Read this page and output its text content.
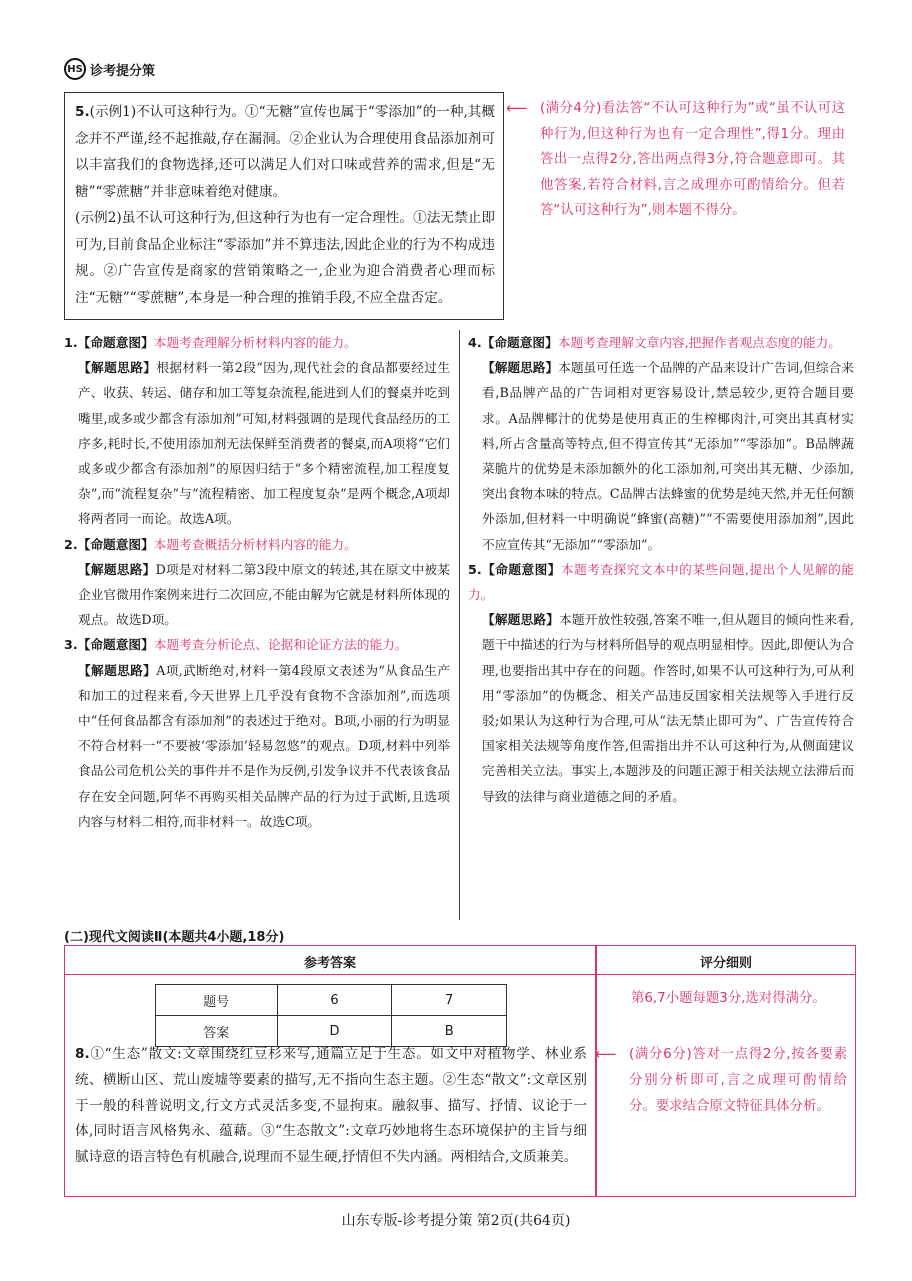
HS 诊考提分策

5.(示例1)不认可这种行为。①“无糖”宣传也属于“零添加”的一种,其概念并不严谨,经不起推敲,存在漏洞。②企业认为合理使用食品添加剂可以丰富我们的食物选择,还可以满足人们对口味或营养的需求,但是“无糖”“零蔗糖”并非意味着绝对健康。

(示例2)虽不认可这种行为,但这种行为也有一定合理性。①法无禁止即可为,目前食品企业标注“零添加”并不算违法,因此企业的行为不构成违规。②广告宣传是商家的营销策略之一,企业为迎合消费者心理而标注“无糖”“零蔗糖”,本身是一种合理的推销手段,不应全盘否定。

⟵ (满分4分)看法答“不认可这种行为”或“虽不认可这种行为,但这种行为也有一定合理性”,得1分。理由答出一点得2分,答出两点得3分,符合题意即可。其他答案,若符合材料,言之成理亦可酌情给分。但若答“认可这种行为”,则本题不得分。
1.【命题意图】本题考查理解分析材料内容的能力。
【解题思路】根据材料一第2段“因为,现代社会的食品都要经过生产、收获、转运、储存和加工等复杂流程,能进到人们的餐桌并吃到嘴里,或多或少都含有添加剂”可知,材料强调的是现代食品经历的工序多,耗时长,不使用添加剂无法保鲜至消费者的餐桌,而A项将“它们或多或少都含有添加剂”的原因归结于“多个精密流程,加工程度复杂”,而“流程复杂”与“流程精密、加工程度复杂”是两个概念,A项却将两者同一而论。故选A项。
2.【命题意图】本题考查概括分析材料内容的能力。
【解题思路】D项是对材料二第3段中原文的转述,其在原文中被某企业官微用作案例来进行二次回应,不能由解为它就是材料所体现的观点。故选D项。
3.【命题意图】本题考查分析论点、论据和论证方法的能力。
【解题思路】A项,武断绝对,材料一第4段原文表述为“从食品生产和加工的过程来看,今天世界上几乎没有食物不含添加剂”,而选项中“任何食品都含有添加剂”的表述过于绝对。B项,小丽的行为明显不符合材料一“不要被‘零添加’轻易忽悠”的观点。D项,材料中列举食品公司危机公关的事件并不是作为反例,引发争议并不代表该食品存在安全问题,阿华不再购买相关品牌产品的行为过于武断,且选项内容与材料二相符,而非材料一。故选C项。
4.【命题意图】本题考查理解文章内容,把握作者观点态度的能力。
【解题思路】本题虽可任选一个品牌的产品来设计广告词,但综合来看,B品牌产品的广告词相对更容易设计,禁忌较少,更符合题目要求。A品牌椰汁的优势是使用真正的生榨椰肉汁,可突出其真材实料,所占含量高等特点,但不得宣传其“无添加”“零添加”。B品牌蔬菜脆片的优势是未添加额外的化工添加剂,可突出其无糖、少添加,突出食物本味的特点。C品牌古法蜂蜜的优势是纯天然,并无任何额外添加,但材料一中明确说“蜂蜜(高糖)”“不需要使用添加剂”,因此不应宣传其“无添加”“零添加”。
5.【命题意图】本题考查探究文本中的某些问题,提出个人见解的能力。
【解题思路】本题开放性较强,答案不唯一,但从题目的倾向性来看,题干中描述的行为与材料所倡导的观点明显相悖。因此,即便认为合理,也要指出其中存在的问题。作答时,如果不认可这种行为,可从利用“零添加”的伪概念、相关产品违反国家相关法规等入手进行反驳;如果认为这种行为合理,可从“法无禁止即可为”、广告宣传符合国家相关法规等角度作答,但需指出并不认可这种行为,从侧面建议完善相关立法。事实上,本题涉及的问题正源于相关法规立法滞后而导致的法律与商业道德之间的矛盾。
(二)现代文阅读Ⅱ(本题共4小题,18分)
参考答案	评分细则
题号	6	7
答案	D	B
第6,7小题每题3分,选对得满分。

8.①“生态”散文:文章围绕红豆杉来写,通篇立足于生态。如文中对植物学、林业系统、横断山区、荒山废墟等要素的描写,无不指向生态主题。②生态“散文”:文章区别于一般的科普说明文,行文方式灵活多变,不显拘束。融叙事、描写、抒情、议论于一体,同时语言风格隽永、蕴藉。③“生态散文”:文章巧妙地将生态环境保护的主旨与细腻诗意的语言特色有机融合,说理而不显生硬,抒情但不失内涵。两相结合,文质兼美。

⟵ (满分6分)答对一点得2分,按各要素分别分析即可,言之成理可酌情给分。要求结合原文特征具体分析。
山东专版-诊考提分策 第2页(共64页)
